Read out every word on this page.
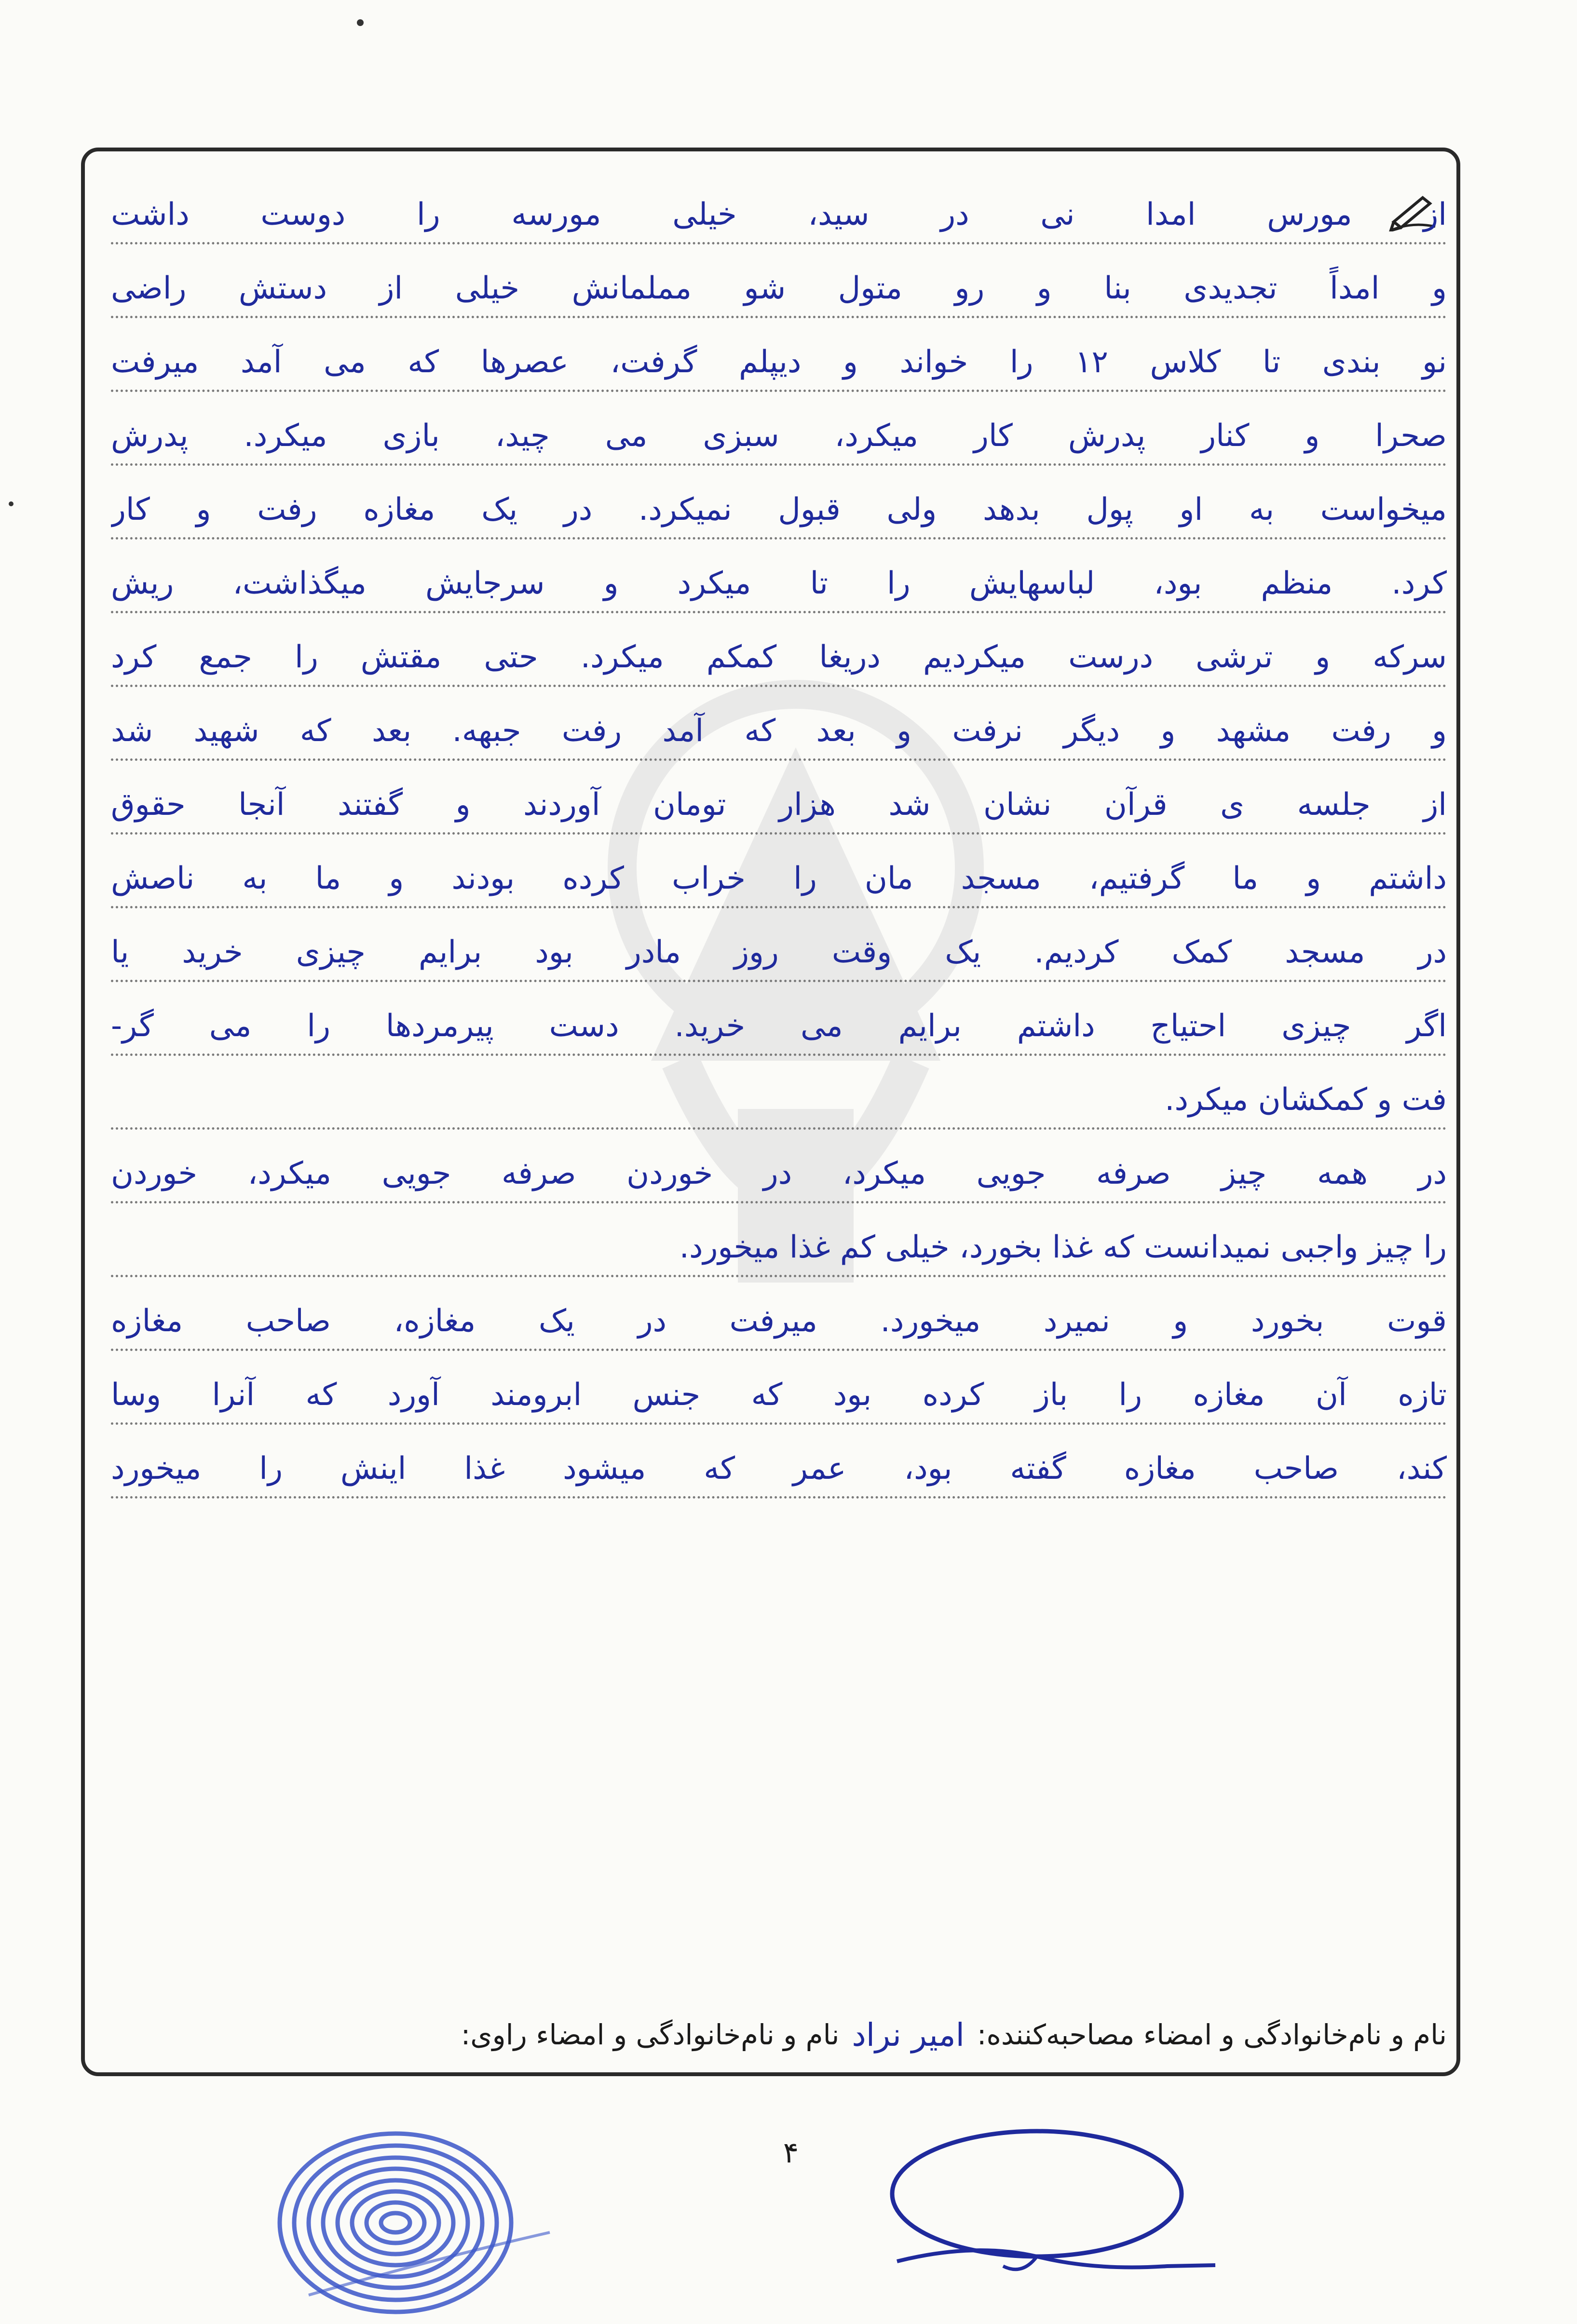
از مورس امدا نی در سید، خیلی مورسه را دوست داشت
و امداً تجدیدی بنا و رو متول شو مملمانش خیلی از دستش راضی
نو بندی تا کلاس ۱۲ را خواند و دیپلم گرفت، عصرها که می آمد میرفت
صحرا و کنار پدرش کار میکرد، سبزی می چید، بازی میکرد. پدرش
میخواست به او پول بدهد ولی قبول نمیکرد. در یک مغازه رفت و کار
کرد. منظم بود، لباسهایش را تا میکرد و سرجایش میگذاشت، ریش
سرکه و ترشی درست میکردیم دریغا کمکم میکرد. حتی مقتش را جمع کرد
و رفت مشهد و دیگر نرفت و بعد که آمد رفت جبهه. بعد که شهید شد
از جلسه ی قرآن نشان شد هزار تومان آوردند و گفتند آنجا حقوق
داشتم و ما گرفتیم، مسجد مان را خراب کرده بودند و ما به ناصش
در مسجد کمک کردیم. یک وقت روز مادر بود برایم چیزی خرید یا
اگر چیزی احتیاج داشتم برایم می خرید. دست پیرمردها را می گر-
فت و کمکشان میکرد.
در همه چیز صرفه جویی میکرد، در خوردن صرفه جویی میکرد، خوردن
را چیز واجبی نمیدانست که غذا بخورد، خیلی کم غذا میخورد.
قوت بخورد و نمیرد میخورد. میرفت در یک مغازه، صاحب مغازه
تازه آن مغازه را باز کرده بود که جنس ابرومند آورد که آنرا وسا
کند، صاحب مغازه گفته بود، عمر که میشود غذا اینش را میخورد
نام و نام‌خانوادگی و امضاء مصاحبه‌کننده:
امیر نراد
نام و نام‌خانوادگی و امضاء راوی:
۴
